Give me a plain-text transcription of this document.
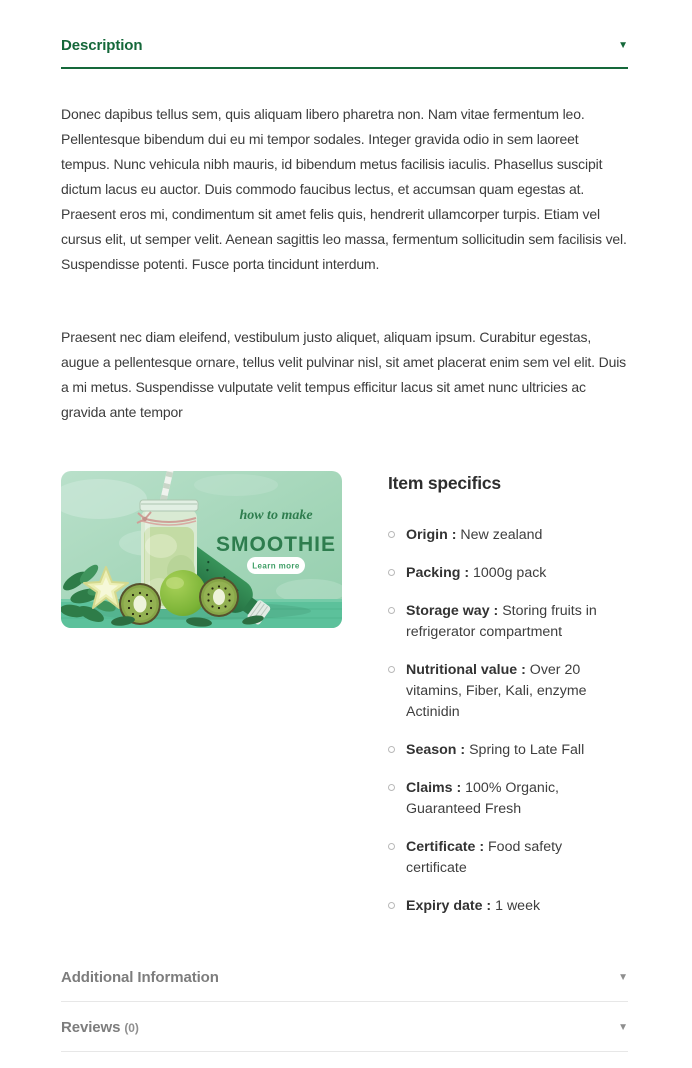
Description	▼

Donec dapibus tellus sem, quis aliquam libero pharetra non. Nam vitae fermentum leo. Pellentesque bibendum dui eu mi tempor sodales. Integer gravida odio in sem laoreet tempus. Nunc vehicula nibh mauris, id bibendum metus facilisis iaculis. Phasellus suscipit dictum lacus eu auctor. Duis commodo faucibus lectus, et accumsan quam egestas at. Praesent eros mi, condimentum sit amet felis quis, hendrerit ullamcorper turpis. Etiam vel cursus elit, ut semper velit. Aenean sagittis leo massa, fermentum sollicitudin sem facilisis vel. Suspendisse potenti. Fusce porta tincidunt interdum.

Praesent nec diam eleifend, vestibulum justo aliquet, aliquam ipsum. Curabitur egestas, augue a pellentesque ornare, tellus velit pulvinar nisl, sit amet placerat enim sem vel elit. Duis a mi metus. Suspendisse vulputate velit tempus efficitur lacus sit amet nunc ultricies ac gravida ante tempor

how to make
SMOOTHIE
Learn more
Item specifics
Origin : New zealand
Packing : 1000g pack
Storage way : Storing fruits in refrigerator compartment
Nutritional value : Over 20 vitamins, Fiber, Kali, enzyme Actinidin
Season : Spring to Late Fall
Claims : 100% Organic, Guaranteed Fresh
Certificate : Food safety certificate
Expiry date : 1 week
Additional Information	▼
Reviews (0)	▼
